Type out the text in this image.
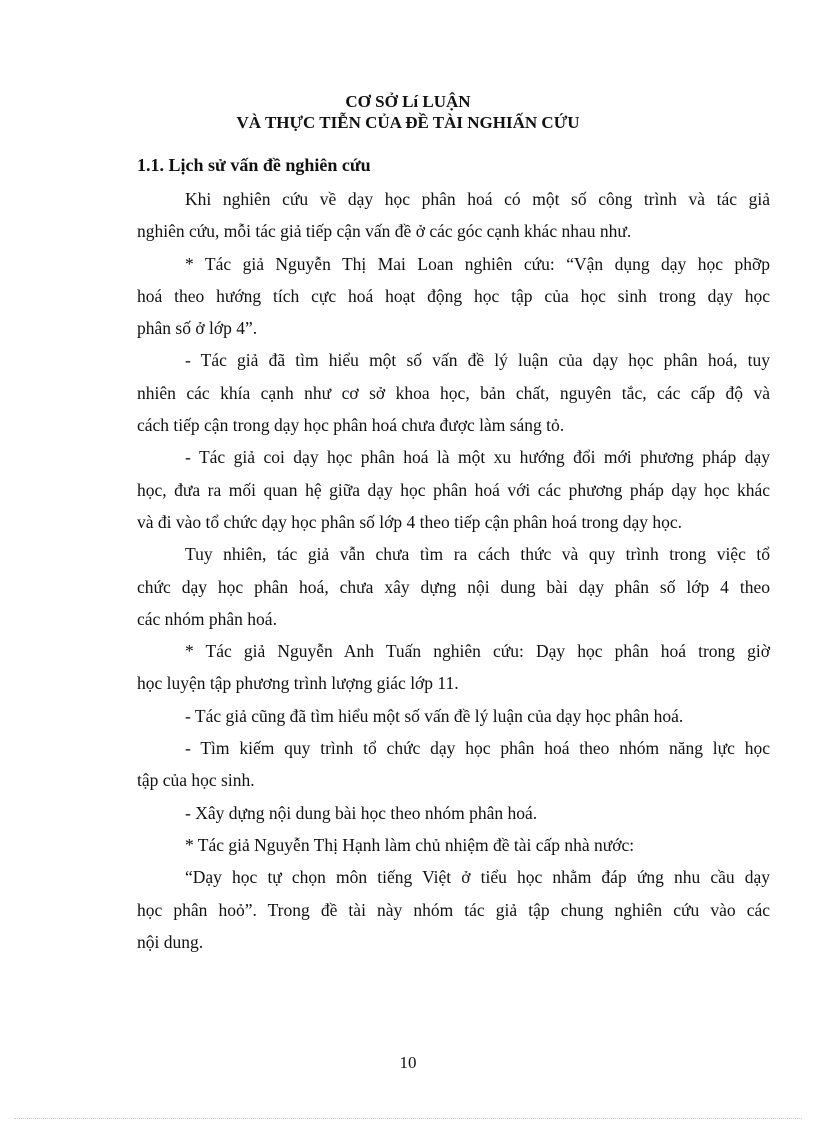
CƠ SỞ Lí LUẬN
VÀ THỰC TIỄN CỦA ĐỀ TÀI NGHIẤN CỨU
1.1. Lịch sử vấn đề nghiên cứu
Khi nghiên cứu về dạy học phân hoá có một số công trình và tác giả
nghiên cứu, mỗi tác giả tiếp cận vấn đề ở các góc cạnh khác nhau như.
* Tác giả Nguyễn Thị Mai Loan nghiên cứu: “Vận dụng dạy học phỡp
hoá theo hướng tích cực hoá hoạt động học tập của học sinh trong dạy học
phân số ở lớp 4”.
- Tác giả đã tìm hiểu một số vấn đề lý luận của dạy học phân hoá, tuy
nhiên các khía cạnh như cơ sở khoa học, bản chất, nguyên tắc, các cấp độ và
cách tiếp cận trong dạy học phân hoá chưa được làm sáng tỏ.
- Tác giả coi dạy học phân hoá là một xu hướng đổi mới phương pháp dạy
học, đưa ra mối quan hệ giữa dạy học phân hoá với các phương pháp dạy học khác
và đi vào tổ chức dạy học phân số lớp 4 theo tiếp cận phân hoá trong dạy học.
Tuy nhiên, tác giả vẫn chưa tìm ra cách thức và quy trình trong việc tổ
chức dạy học phân hoá, chưa xây dựng nội dung bài dạy phân số lớp 4 theo
các nhóm phân hoá.
* Tác giả Nguyễn Anh Tuấn nghiên cứu: Dạy học phân hoá trong giờ
học luyện tập phương trình lượng giác lớp 11.
- Tác giả cũng đã tìm hiểu một số vấn đề lý luận của dạy học phân hoá.
- Tìm kiếm quy trình tổ chức dạy học phân hoá theo nhóm năng lực học
tập của học sinh.
- Xây dựng nội dung bài học theo nhóm phân hoá.
* Tác giả Nguyễn Thị Hạnh làm chủ nhiệm đề tài cấp nhà nước:
“Dạy học tự chọn môn tiếng Việt ở tiểu học nhằm đáp ứng nhu cầu dạy
học phân hoỏ”. Trong đề tài này nhóm tác giả tập chung nghiên cứu vào các
nội dung.
10
